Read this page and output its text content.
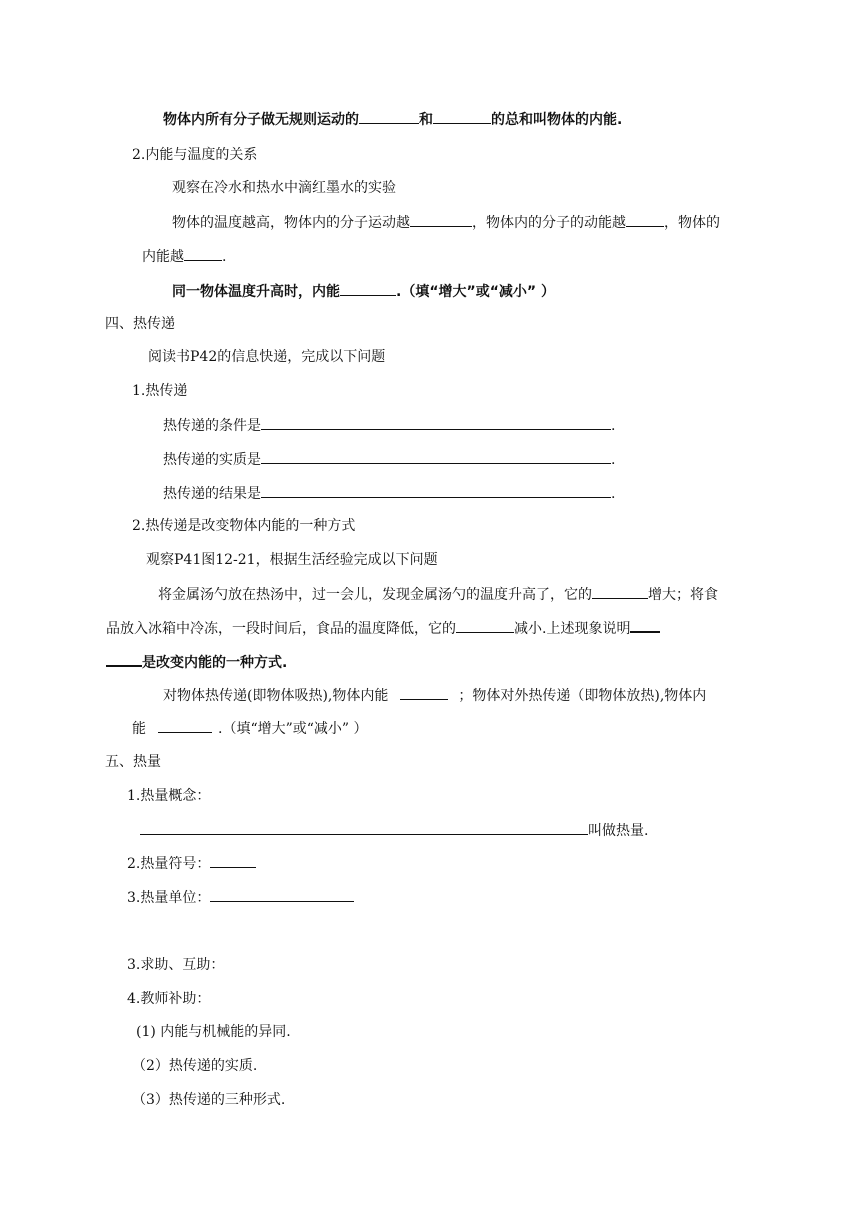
物体内所有分子做无规则运动的	和	的总和叫物体的内能.
2.内能与温度的关系
观察在冷水和热水中滴红墨水的实验
物体的温度越高，物体内的分子运动越	，物体内的分子的动能越	，物体的
内能越	.
同一物体温度升高时，内能	.（填“增大”或“减小” ）
四、热传递
阅读书P42的信息快递，完成以下问题
1.热传递
热传递的条件是	.
热传递的实质是	.
热传递的结果是	.
2.热传递是改变物体内能的一种方式
观察P41图12-21，根据生活经验完成以下问题
将金属汤勺放在热汤中，过一会儿，发现金属汤勺的温度升高了，它的	增大；将食
品放入冰箱中冷冻，一段时间后，食品的温度降低，它的	减小.上述现象说明
是改变内能的一种方式.
对物体热传递(即物体吸热),物体内能	；物体对外热传递（即物体放热),物体内
能	.（填“增大”或“减小” ）
五、热量
1.热量概念：
叫做热量.
2.热量符号：
3.热量单位：
3.求助、互助：
4.教师补助：
(1) 内能与机械能的异同.
（2）热传递的实质.
（3）热传递的三种形式.
